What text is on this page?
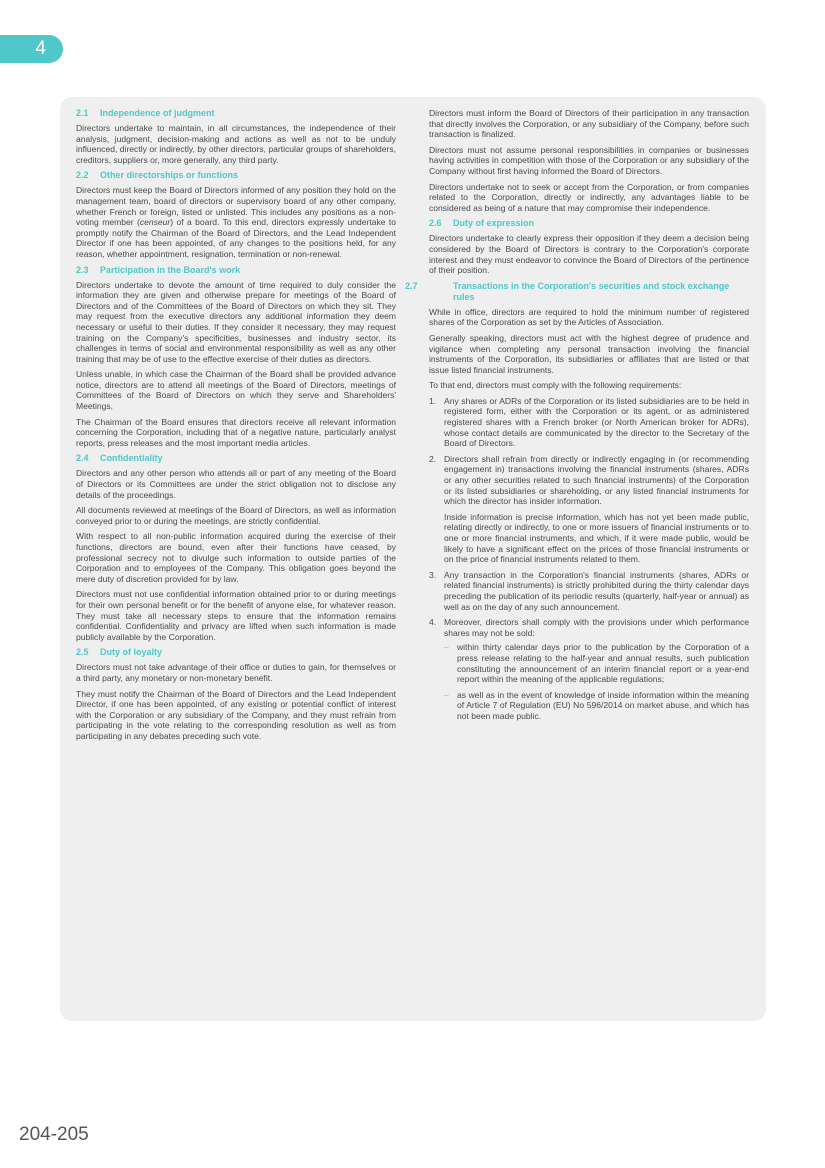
4
2.1 Independence of judgment

Directors undertake to maintain, in all circumstances, the independence of their analysis, judgment, decision-making and actions as well as not to be unduly influenced, directly or indirectly, by other directors, particular groups of shareholders, creditors, suppliers or, more generally, any third party.

2.2 Other directorships or functions

Directors must keep the Board of Directors informed of any position they hold on the management team, board of directors or supervisory board of any other company, whether French or foreign, listed or unlisted. This includes any positions as a non-voting member (censeur) of a board. To this end, directors expressly undertake to promptly notify the Chairman of the Board of Directors, and the Lead Independent Director if one has been appointed, of any changes to the positions held, for any reason, whether appointment, resignation, termination or non-renewal.

2.3 Participation in the Board's work

Directors undertake to devote the amount of time required to duly consider the information they are given and otherwise prepare for meetings of the Board of Directors and of the Committees of the Board of Directors on which they sit. They may request from the executive directors any additional information they deem necessary or useful to their duties. If they consider it necessary, they may request training on the Company's specificities, businesses and industry sector, its challenges in terms of social and environmental responsibility as well as any other training that may be of use to the effective exercise of their duties as directors.

Unless unable, in which case the Chairman of the Board shall be provided advance notice, directors are to attend all meetings of the Board of Directors, meetings of Committees of the Board of Directors on which they serve and Shareholders' Meetings.

The Chairman of the Board ensures that directors receive all relevant information concerning the Corporation, including that of a negative nature, particularly analyst reports, press releases and the most important media articles.

2.4 Confidentiality

Directors and any other person who attends all or part of any meeting of the Board of Directors or its Committees are under the strict obligation not to disclose any details of the proceedings.

All documents reviewed at meetings of the Board of Directors, as well as information conveyed prior to or during the meetings, are strictly confidential.

With respect to all non-public information acquired during the exercise of their functions, directors are bound, even after their functions have ceased, by professional secrecy not to divulge such information to outside parties of the Corporation and to employees of the Company. This obligation goes beyond the mere duty of discretion provided for by law.

Directors must not use confidential information obtained prior to or during meetings for their own personal benefit or for the benefit of anyone else, for whatever reason. They must take all necessary steps to ensure that the information remains confidential. Confidentiality and privacy are lifted when such information is made publicly available by the Corporation.

2.5 Duty of loyalty

Directors must not take advantage of their office or duties to gain, for themselves or a third party, any monetary or non-monetary benefit.

They must notify the Chairman of the Board of Directors and the Lead Independent Director, if one has been appointed, of any existing or potential conflict of interest with the Corporation or any subsidiary of the Company, and they must refrain from participating in the vote relating to the corresponding resolution as well as from participating in any debates preceding such vote.

Directors must inform the Board of Directors of their participation in any transaction that directly involves the Corporation, or any subsidiary of the Company, before such transaction is finalized.

Directors must not assume personal responsibilities in companies or businesses having activities in competition with those of the Corporation or any subsidiary of the Company without first having informed the Board of Directors.

Directors undertake not to seek or accept from the Corporation, or from companies related to the Corporation, directly or indirectly, any advantages liable to be considered as being of a nature that may compromise their independence.

2.6 Duty of expression

Directors undertake to clearly express their opposition if they deem a decision being considered by the Board of Directors is contrary to the Corporation's corporate interest and they must endeavor to convince the Board of Directors of the pertinence of their position.

2.7	Transactions in the Corporation's securities and stock exchange rules

While in office, directors are required to hold the minimum number of registered shares of the Corporation as set by the Articles of Association.

Generally speaking, directors must act with the highest degree of prudence and vigilance when completing any personal transaction involving the financial instruments of the Corporation, its subsidiaries or affiliates that are listed or that issue listed financial instruments.

To that end, directors must comply with the following requirements:

1. Any shares or ADRs of the Corporation or its listed subsidiaries are to be held in registered form, either with the Corporation or its agent, or as administered registered shares with a French broker (or North American broker for ADRs), whose contact details are communicated by the director to the Secretary of the Board of Directors.
2. Directors shall refrain from directly or indirectly engaging in (or recommending engagement in) transactions involving the financial instruments (shares, ADRs or any other securities related to such financial instruments) of the Corporation or its listed subsidiaries or shareholding, or any listed financial instruments for which the director has insider information.

Inside information is precise information, which has not yet been made public, relating directly or indirectly, to one or more issuers of financial instruments or to one or more financial instruments, and which, if it were made public, would be likely to have a significant effect on the prices of those financial instruments or on the price of financial instruments related to them.

3. Any transaction in the Corporation's financial instruments (shares, ADRs or related financial instruments) is strictly prohibited during the thirty calendar days preceding the publication of its periodic results (quarterly, half-year or annual) as well as on the day of any such announcement.
4. Moreover, directors shall comply with the provisions under which performance shares may not be sold:
– within thirty calendar days prior to the publication by the Corporation of a press release relating to the half-year and annual results, such publication constituting the announcement of an interim financial report or a year-end report within the meaning of the applicable regulations;
– as well as in the event of knowledge of inside information within the meaning of Article 7 of Regulation (EU) No 596/2014 on market abuse, and which has not been made public.
204-205
